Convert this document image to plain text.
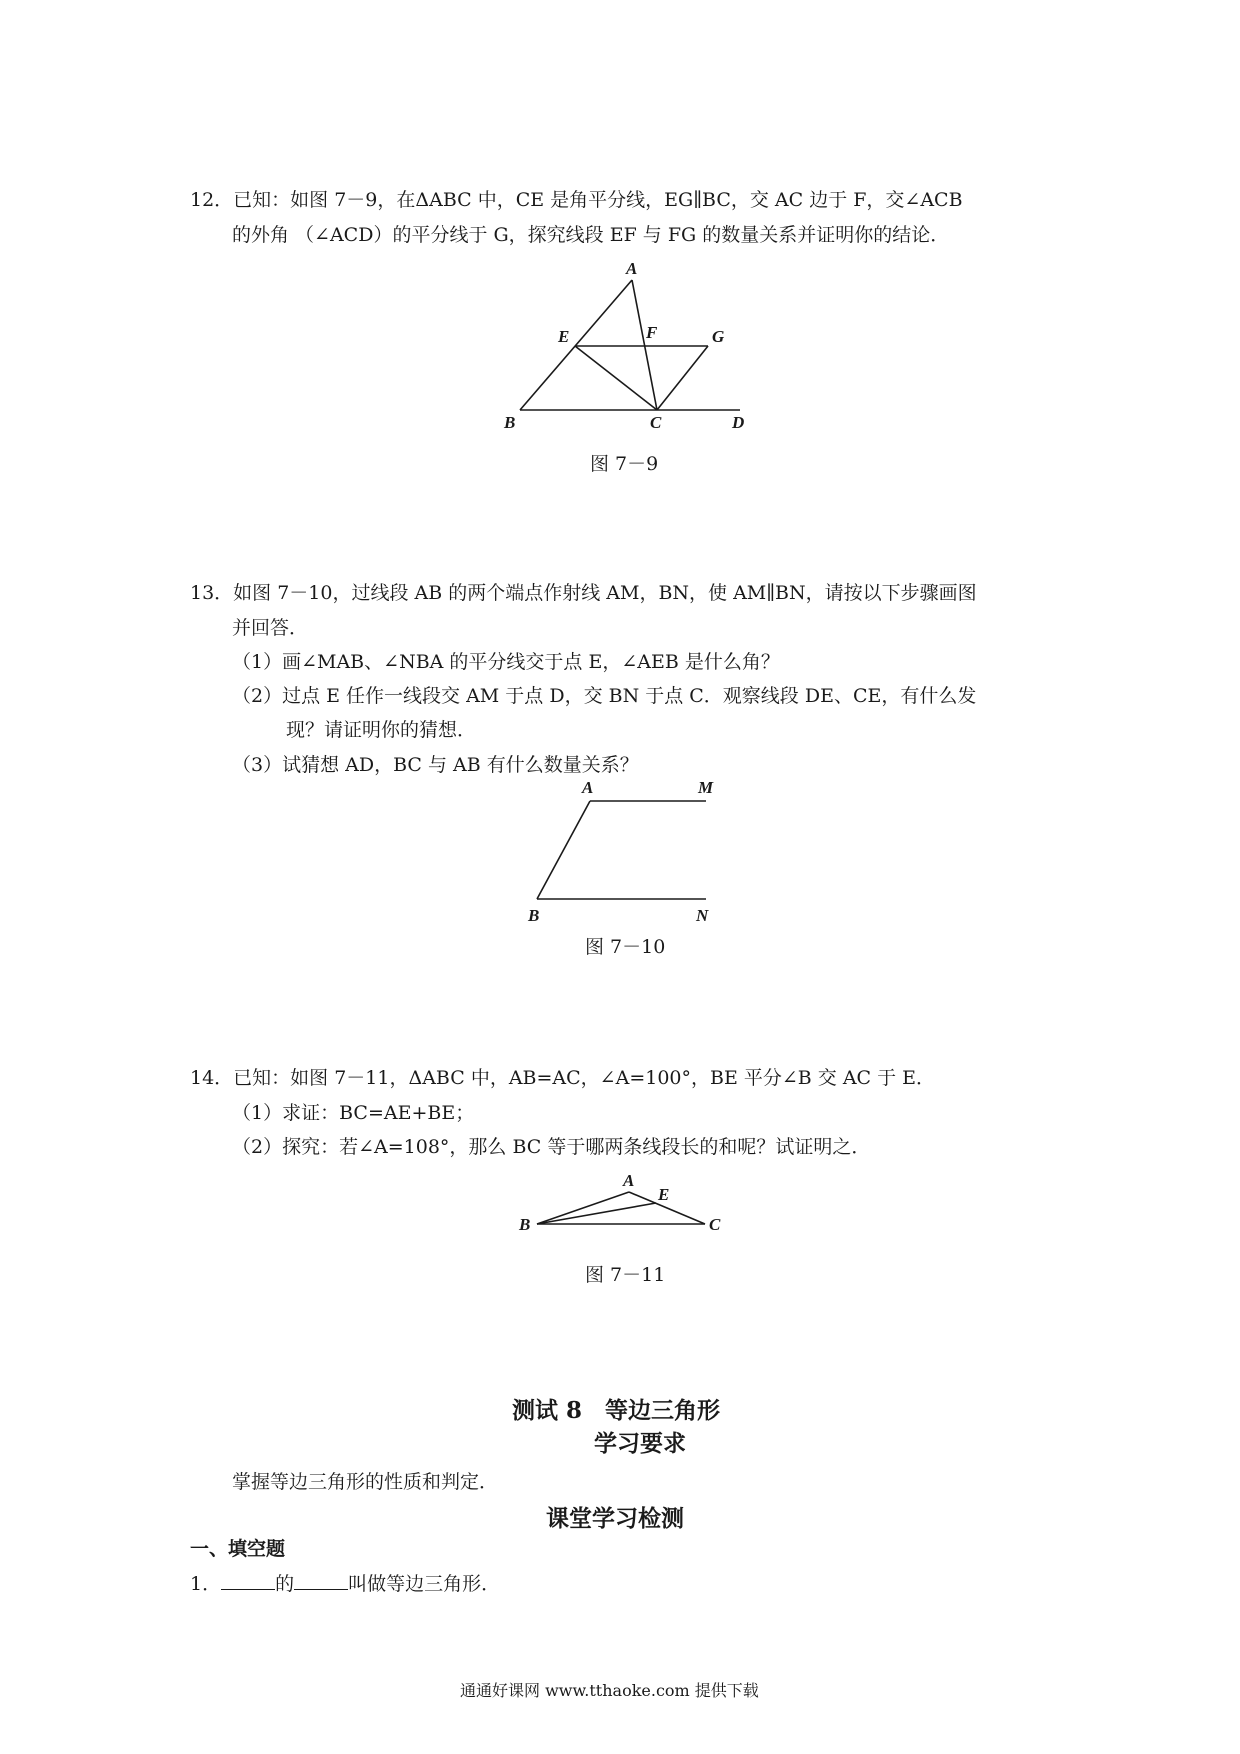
12．已知：如图 7－9，在ΔABC 中，CE 是角平分线，EG∥BC，交 AC 边于 F，交∠ACB
的外角 （∠ACD）的平分线于 G，探究线段 EF 与 FG 的数量关系并证明你的结论．
A
E	F	G
B	C	D
图 7－9
13．如图 7－10，过线段 AB 的两个端点作射线 AM，BN，使 AM∥BN，请按以下步骤画图
并回答．
（1）画∠MAB、∠NBA 的平分线交于点 E，∠AEB 是什么角？
（2）过点 E 任作一线段交 AM 于点 D，交 BN 于点 C．观察线段 DE、CE，有什么发
现？请证明你的猜想．
（3）试猜想 AD，BC 与 AB 有什么数量关系？
A	M
B	N
图 7－10
14．已知：如图 7－11，ΔABC 中，AB=AC，∠A=100°，BE 平分∠B 交 AC 于 E．
（1）求证：BC=AE+BE；
（2）探究：若∠A=108°，那么 BC 等于哪两条线段长的和呢？试证明之．
A
E
B	C
图 7－11
测试 8　等边三角形
学习要求
掌握等边三角形的性质和判定．
课堂学习检测
一、填空题
1．	的	叫做等边三角形．
通通好课网 www.tthaoke.com 提供下载
